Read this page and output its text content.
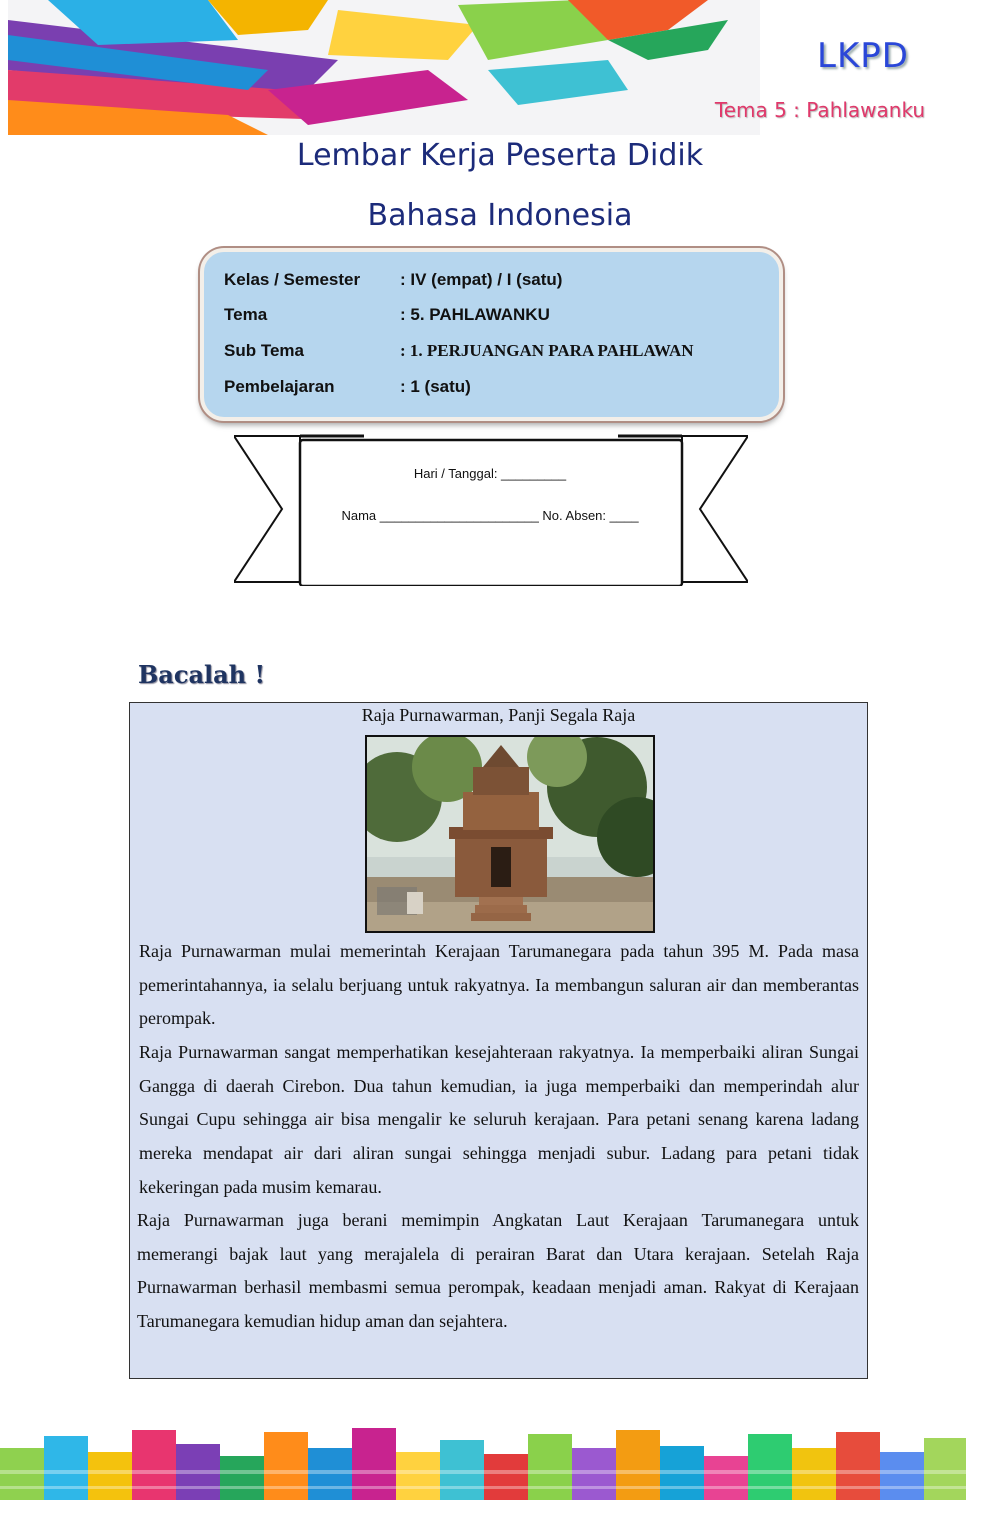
LKPD
Tema 5 : Pahlawanku
Lembar Kerja Peserta Didik
Bahasa Indonesia
Kelas / Semester : IV (empat) / I (satu)
Tema	: 5. PAHLAWANKU
Sub Tema	: 1. PERJUANGAN PARA PAHLAWAN
Pembelajaran	: 1 (satu)
Hari / Tanggal: _________
Nama ______________________ No. Absen: ____
Bacalah !
Raja Purnawarman, Panji Segala Raja
Raja Purnawarman mulai memerintah Kerajaan Tarumanegara pada tahun 395 M. Pada masa pemerintahannya, ia selalu berjuang untuk rakyatnya. Ia membangun saluran air dan memberantas perompak.
Raja Purnawarman sangat memperhatikan kesejahteraan rakyatnya. Ia memperbaiki aliran Sungai Gangga di daerah Cirebon. Dua tahun kemudian, ia juga memperbaiki dan memperindah alur Sungai Cupu sehingga air bisa mengalir ke seluruh kerajaan. Para petani senang karena ladang mereka mendapat air dari aliran sungai sehingga menjadi subur. Ladang para petani tidak kekeringan pada musim kemarau.
Raja Purnawarman juga berani memimpin Angkatan Laut Kerajaan Tarumanegara untuk memerangi bajak laut yang merajalela di perairan Barat dan Utara kerajaan. Setelah Raja Purnawarman berhasil membasmi semua perompak, keadaan menjadi aman. Rakyat di Kerajaan Tarumanegara kemudian hidup aman dan sejahtera.
